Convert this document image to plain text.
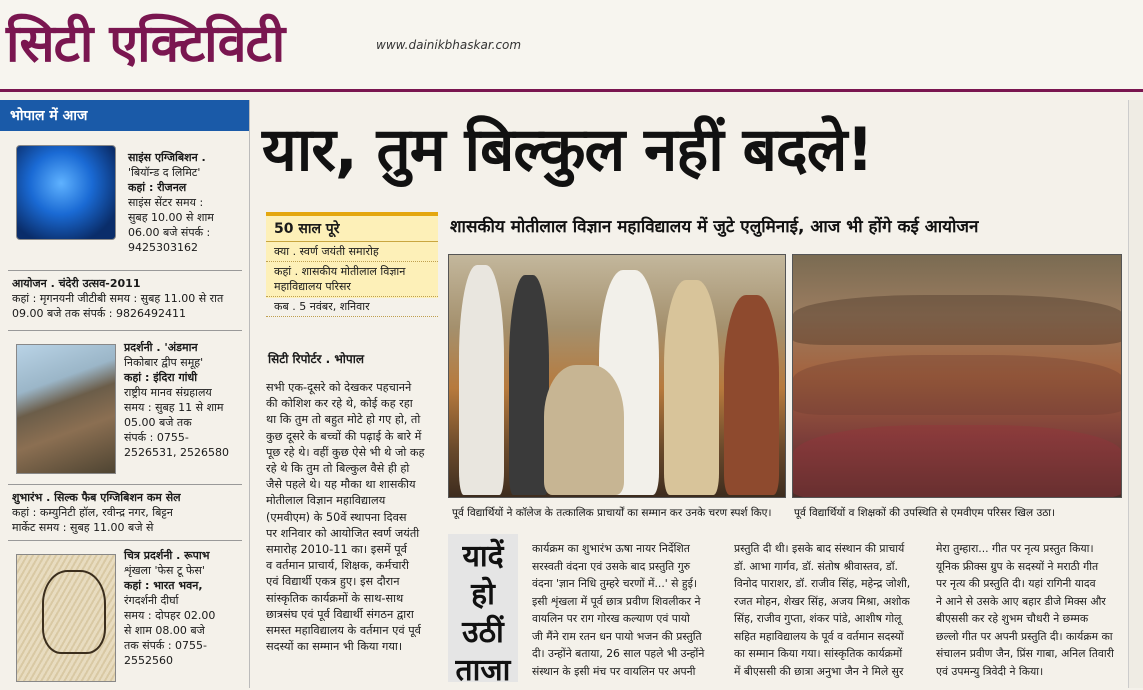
सिटी एक्टिविटी	www.dainikbhaskar.com
भोपाल में आज
साइंस एग्जिबिशन .
'बियॉन्ड द लिमिट'
कहां : रीजनल
साइंस सेंटर समय :
सुबह 10.00 से शाम
06.00 बजे संपर्क :
9425303162
आयोजन . चंदेरी उत्सव-2011
कहां : मृगनयनी जीटीबी समय : सुबह 11.00 से रात
09.00 बजे तक संपर्क : 9826492411
प्रदर्शनी . 'अंडमान
निकोबार द्वीप समूह'
कहां : इंदिरा गांधी
राष्ट्रीय मानव संग्रहालय
समय : सुबह 11 से शाम
05.00 बजे तक
संपर्क : 0755-
2526531, 2526580
शुभारंभ . सिल्क फैब एग्जिबिशन कम सेल
कहां : कम्युनिटी हॉल, रवीन्द्र नगर, बिट्टन
मार्केट समय : सुबह 11.00 बजे से
चित्र प्रदर्शनी . रूपाभ
शृंखला 'फेस टू फेस'
कहां : भारत भवन,
रंगदर्शनी दीर्घा
समय : दोपहर 02.00
से शाम 08.00 बजे
तक संपर्क : 0755-
2552560
यार, तुम बिल्कुल नहीं बदले!
शासकीय मोतीलाल विज्ञान महाविद्यालय में जुटे एलुमिनाई, आज भी होंगे कई आयोजन
50 साल पूरे
क्या . स्वर्ण जयंती समारोह
कहां . शासकीय मोतीलाल विज्ञान
महाविद्यालय परिसर
कब . 5 नवंबर, शनिवार
सिटी रिपोर्टर . भोपाल
सभी एक-दूसरे को देखकर पहचानने
की कोशिश कर रहे थे, कोई कह रहा
था कि तुम तो बहुत मोटे हो गए हो, तो
कुछ दूसरे के बच्चों की पढ़ाई के बारे में
पूछ रहे थे। वहीं कुछ ऐसे भी थे जो कह
रहे थे कि तुम तो बिल्कुल वैसे ही हो
जैसे पहले थे। यह मौका था शासकीय
मोतीलाल विज्ञान महाविद्यालय
(एमवीएम) के 50वें स्थापना दिवस
पर शनिवार को आयोजित स्वर्ण जयंती
समारोह 2010-11 का। इसमें पूर्व
व वर्तमान प्राचार्य, शिक्षक, कर्मचारी
एवं विद्यार्थी एकत्र हुए। इस दौरान
सांस्कृतिक कार्यक्रमों के साथ-साथ
छात्रसंघ एवं पूर्व विद्यार्थी संगठन द्वारा
समस्त महाविद्यालय के वर्तमान एवं पूर्व
सदस्यों का सम्मान भी किया गया।
पूर्व विद्यार्थियों ने कॉलेज के तत्कालिक प्राचार्यों का सम्मान कर उनके चरण स्पर्श किए।	पूर्व विद्यार्थियों व शिक्षकों की उपस्थिति से एमवीएम परिसर खिल उठा।
यादें
हो
उठीं
ताजा
कार्यक्रम का शुभारंभ ऊषा नायर निर्देशित
सरस्वती वंदना एवं उसके बाद प्रस्तुति गुरु
वंदना 'ज्ञान निधि तुम्हरे चरणों में...' से हुई।
इसी शृंखला में पूर्व छात्र प्रवीण शिवलीकर ने
वायलिन पर राग गोरख कल्याण एवं पायो
जी मैंने राम रतन धन पायो भजन की प्रस्तुति
दी। उन्होंने बताया, 26 साल पहले भी उन्होंने
संस्थान के इसी मंच पर वायलिन पर अपनी
प्रस्तुति दी थी। इसके बाद संस्थान की प्राचार्य
डॉ. आभा गार्गव, डॉ. संतोष श्रीवास्तव, डॉ.
विनोद पाराशर, डॉ. राजीव सिंह, महेन्द्र जोशी,
रजत मोहन, शेखर सिंह, अजय मिश्रा, अशोक
सिंह, राजीव गुप्ता, शंकर पांडे, आशीष गोलू
सहित महाविद्यालय के पूर्व व वर्तमान सदस्यों
का सम्मान किया गया। सांस्कृतिक कार्यक्रमों
में बीएससी की छात्रा अनुभा जैन ने मिले सुर
मेरा तुम्हारा... गीत पर नृत्य प्रस्तुत किया।
यूनिक फ्रीक्स ग्रुप के सदस्यों ने मराठी गीत
पर नृत्य की प्रस्तुति दी। यहां रागिनी यादव
ने आने से उसके आए बहार डीजे मिक्स और
बीएससी कर रहे शुभम चौधरी ने छम्मक
छल्लो गीत पर अपनी प्रस्तुति दी। कार्यक्रम का
संचालन प्रवीण जैन, प्रिंस गाबा, अनिल तिवारी
एवं उपमन्यु त्रिवेदी ने किया।
